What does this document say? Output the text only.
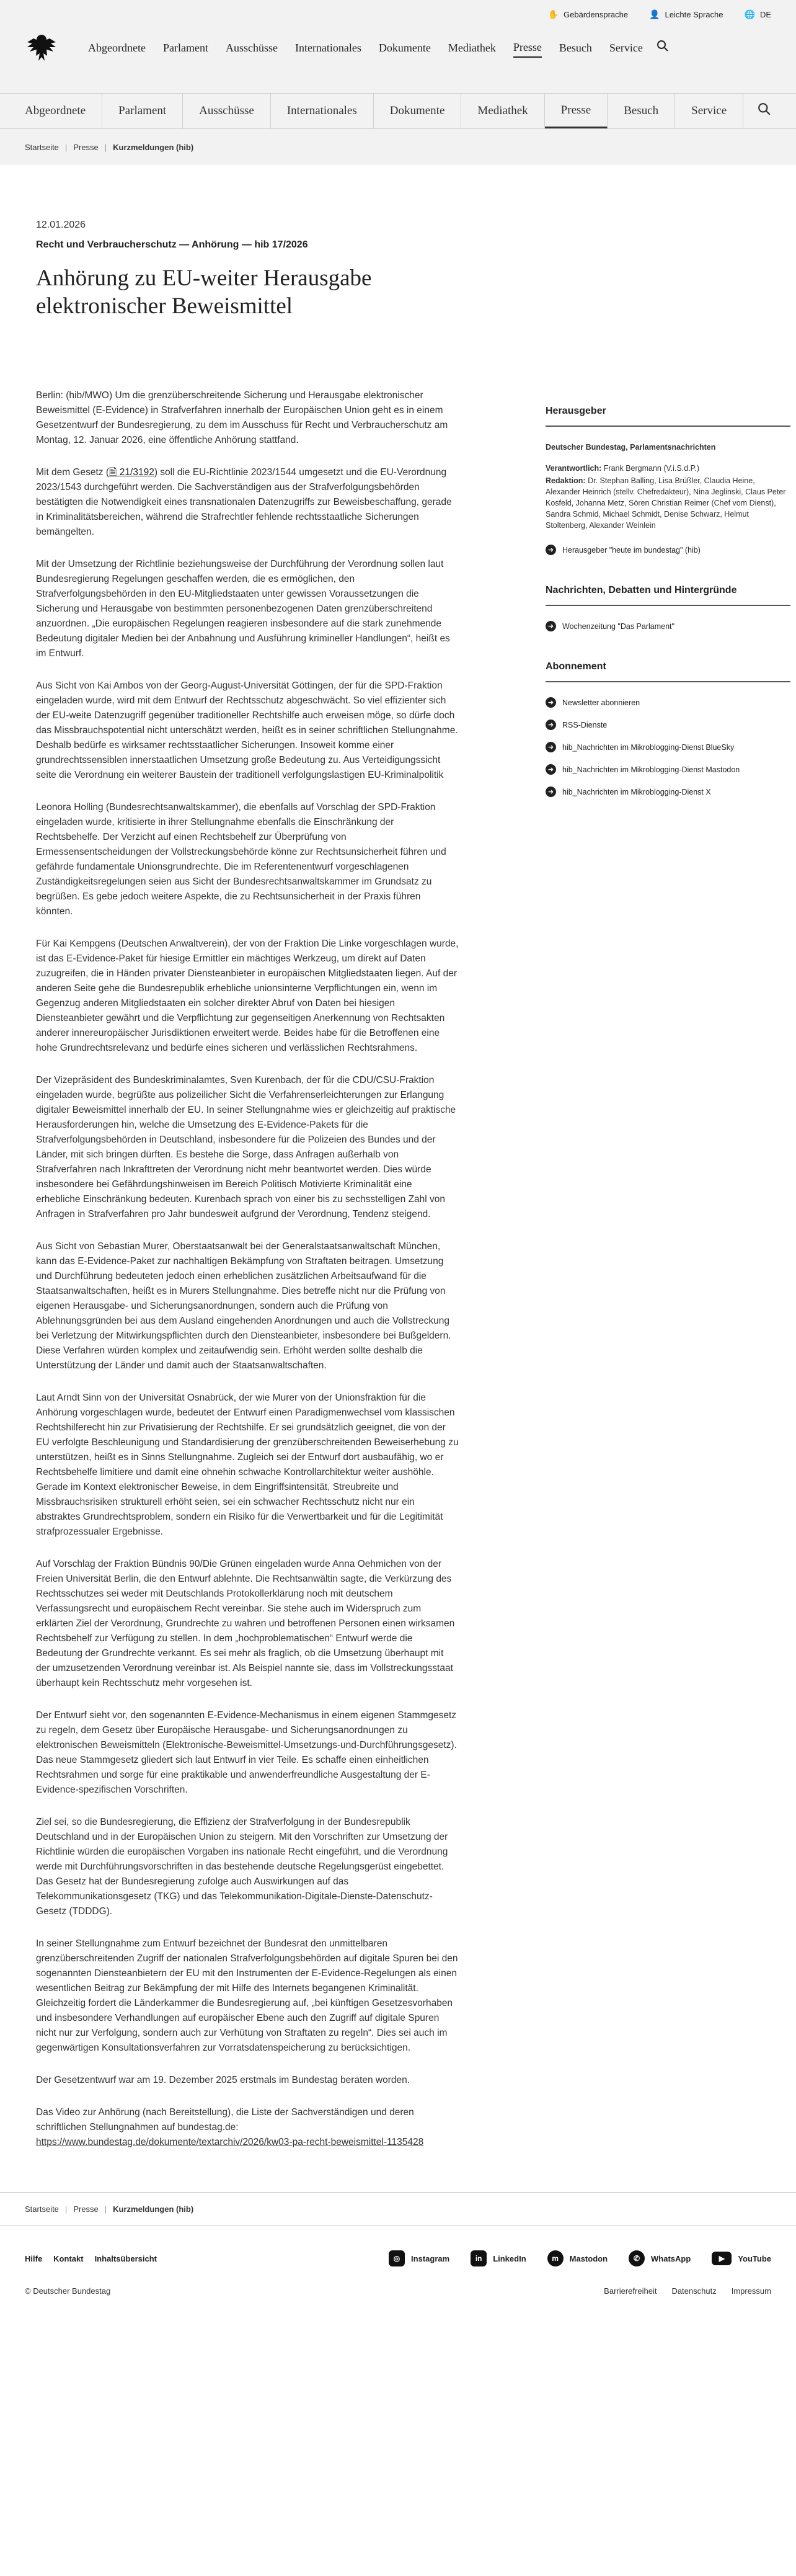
✋ Gebärdensprache 👤 Leichte Sprache 🌐 DE
Abgeordnete Parlament Ausschüsse Internationales Dokumente Mediathek Presse Besuch Service
Abgeordnete	Parlament	Ausschüsse	Internationales	Dokumente	Mediathek	Presse	Besuch	Service
Startseite | Presse | Kurzmeldungen (hib)
12.01.2026
Recht und Verbraucherschutz — Anhörung — hib 17/2026
Anhörung zu EU-weiter Herausgabe elektronischer Beweismittel

Berlin: (hib/MWO) Um die grenzüberschreitende Sicherung und Herausgabe elektronischer Beweismittel (E-Evidence) in Strafverfahren innerhalb der Europäischen Union geht es in einem Gesetzentwurf der Bundesregierung, zu dem im Ausschuss für Recht und Verbraucherschutz am Montag, 12. Januar 2026, eine öffentliche Anhörung stattfand.

Mit dem Gesetz (🗎 21/3192) soll die EU-Richtlinie 2023/1544 umgesetzt und die EU-Verordnung 2023/1543 durchgeführt werden. Die Sachverständigen aus der Strafverfolgungsbehörden bestätigten die Notwendigkeit eines transnationalen Datenzugriffs zur Beweisbeschaffung, gerade in Kriminalitätsbereichen, während die Strafrechtler fehlende rechtsstaatliche Sicherungen bemängelten.

Mit der Umsetzung der Richtlinie beziehungsweise der Durchführung der Verordnung sollen laut Bundesregierung Regelungen geschaffen werden, die es ermöglichen, den Strafverfolgungsbehörden in den EU-Mitgliedstaaten unter gewissen Voraussetzungen die Sicherung und Herausgabe von bestimmten personenbezogenen Daten grenzüberschreitend anzuordnen. „Die europäischen Regelungen reagieren insbesondere auf die stark zunehmende Bedeutung digitaler Medien bei der Anbahnung und Ausführung krimineller Handlungen“, heißt es im Entwurf.

Aus Sicht von Kai Ambos von der Georg-August-Universität Göttingen, der für die SPD-Fraktion eingeladen wurde, wird mit dem Entwurf der Rechtsschutz abgeschwächt. So viel effizienter sich der EU-weite Datenzugriff gegenüber traditioneller Rechtshilfe auch erweisen möge, so dürfe doch das Missbrauchspotential nicht unterschätzt werden, heißt es in seiner schriftlichen Stellungnahme. Deshalb bedürfe es wirksamer rechtsstaatlicher Sicherungen. Insoweit komme einer grundrechtssensiblen innerstaatlichen Umsetzung große Bedeutung zu. Aus Verteidigungssicht seite die Verordnung ein weiterer Baustein der traditionell verfolgungslastigen EU-Kriminalpolitik

Leonora Holling (Bundesrechtsanwaltskammer), die ebenfalls auf Vorschlag der SPD-Fraktion eingeladen wurde, kritisierte in ihrer Stellungnahme ebenfalls die Einschränkung der Rechtsbehelfe. Der Verzicht auf einen Rechtsbehelf zur Überprüfung von Ermessensentscheidungen der Vollstreckungsbehörde könne zur Rechtsunsicherheit führen und gefährde fundamentale Unionsgrundrechte. Die im Referentenentwurf vorgeschlagenen Zuständigkeitsregelungen seien aus Sicht der Bundesrechtsanwaltskammer im Grundsatz zu begrüßen. Es gebe jedoch weitere Aspekte, die zu Rechtsunsicherheit in der Praxis führen könnten.

Für Kai Kempgens (Deutschen Anwaltverein), der von der Fraktion Die Linke vorgeschlagen wurde, ist das E-Evidence-Paket für hiesige Ermittler ein mächtiges Werkzeug, um direkt auf Daten zuzugreifen, die in Händen privater Diensteanbieter in europäischen Mitgliedstaaten liegen. Auf der anderen Seite gehe die Bundesrepublik erhebliche unionsinterne Verpflichtungen ein, wenn im Gegenzug anderen Mitgliedstaaten ein solcher direkter Abruf von Daten bei hiesigen Diensteanbieter gewährt und die Verpflichtung zur gegenseitigen Anerkennung von Rechtsakten anderer innereuropäischer Jurisdiktionen erweitert werde. Beides habe für die Betroffenen eine hohe Grundrechtsrelevanz und bedürfe eines sicheren und verlässlichen Rechtsrahmens.

Der Vizepräsident des Bundeskriminalamtes, Sven Kurenbach, der für die CDU/CSU-Fraktion eingeladen wurde, begrüßte aus polizeilicher Sicht die Verfahrenserleichterungen zur Erlangung digitaler Beweismittel innerhalb der EU. In seiner Stellungnahme wies er gleichzeitig auf praktische Herausforderungen hin, welche die Umsetzung des E-Evidence-Pakets für die Strafverfolgungsbehörden in Deutschland, insbesondere für die Polizeien des Bundes und der Länder, mit sich bringen dürften. Es bestehe die Sorge, dass Anfragen außerhalb von Strafverfahren nach Inkrafttreten der Verordnung nicht mehr beantwortet werden. Dies würde insbesondere bei Gefährdungshinweisen im Bereich Politisch Motivierte Kriminalität eine erhebliche Einschränkung bedeuten. Kurenbach sprach von einer bis zu sechsstelligen Zahl von Anfragen in Strafverfahren pro Jahr bundesweit aufgrund der Verordnung, Tendenz steigend.

Aus Sicht von Sebastian Murer, Oberstaatsanwalt bei der Generalstaatsanwaltschaft München, kann das E-Evidence-Paket zur nachhaltigen Bekämpfung von Straftaten beitragen. Umsetzung und Durchführung bedeuteten jedoch einen erheblichen zusätzlichen Arbeitsaufwand für die Staatsanwaltschaften, heißt es in Murers Stellungnahme. Dies betreffe nicht nur die Prüfung von eigenen Herausgabe- und Sicherungsanordnungen, sondern auch die Prüfung von Ablehnungsgründen bei aus dem Ausland eingehenden Anordnungen und auch die Vollstreckung bei Verletzung der Mitwirkungspflichten durch den Diensteanbieter, insbesondere bei Bußgeldern. Diese Verfahren würden komplex und zeitaufwendig sein. Erhöht werden sollte deshalb die Unterstützung der Länder und damit auch der Staatsanwaltschaften.

Laut Arndt Sinn von der Universität Osnabrück, der wie Murer von der Unionsfraktion für die Anhörung vorgeschlagen wurde, bedeutet der Entwurf einen Paradigmenwechsel vom klassischen Rechtshilferecht hin zur Privatisierung der Rechtshilfe. Er sei grundsätzlich geeignet, die von der EU verfolgte Beschleunigung und Standardisierung der grenzüberschreitenden Beweiserhebung zu unterstützen, heißt es in Sinns Stellungnahme. Zugleich sei der Entwurf dort ausbaufähig, wo er Rechtsbehelfe limitiere und damit eine ohnehin schwache Kontrollarchitektur weiter aushöhle. Gerade im Kontext elektronischer Beweise, in dem Eingriffsintensität, Streubreite und Missbrauchsrisiken strukturell erhöht seien, sei ein schwacher Rechtsschutz nicht nur ein abstraktes Grundrechtsproblem, sondern ein Risiko für die Verwertbarkeit und für die Legitimität strafprozessualer Ergebnisse.

Auf Vorschlag der Fraktion Bündnis 90/Die Grünen eingeladen wurde Anna Oehmichen von der Freien Universität Berlin, die den Entwurf ablehnte. Die Rechtsanwältin sagte, die Verkürzung des Rechtsschutzes sei weder mit Deutschlands Protokollerklärung noch mit deutschem Verfassungsrecht und europäischem Recht vereinbar. Sie stehe auch im Widerspruch zum erklärten Ziel der Verordnung, Grundrechte zu wahren und betroffenen Personen einen wirksamen Rechtsbehelf zur Verfügung zu stellen. In dem „hochproblematischen“ Entwurf werde die Bedeutung der Grundrechte verkannt. Es sei mehr als fraglich, ob die Umsetzung überhaupt mit der umzusetzenden Verordnung vereinbar ist. Als Beispiel nannte sie, dass im Vollstreckungsstaat überhaupt kein Rechtsschutz mehr vorgesehen ist.

Der Entwurf sieht vor, den sogenannten E-Evidence-Mechanismus in einem eigenen Stammgesetz zu regeln, dem Gesetz über Europäische Herausgabe- und Sicherungsanordnungen zu elektronischen Beweismitteln (Elektronische-Beweismittel-Umsetzungs-und-Durchführungsgesetz). Das neue Stammgesetz gliedert sich laut Entwurf in vier Teile. Es schaffe einen einheitlichen Rechtsrahmen und sorge für eine praktikable und anwenderfreundliche Ausgestaltung der E-Evidence-spezifischen Vorschriften.

Ziel sei, so die Bundesregierung, die Effizienz der Strafverfolgung in der Bundesrepublik Deutschland und in der Europäischen Union zu steigern. Mit den Vorschriften zur Umsetzung der Richtlinie würden die europäischen Vorgaben ins nationale Recht eingeführt, und die Verordnung werde mit Durchführungsvorschriften in das bestehende deutsche Regelungsgerüst eingebettet. Das Gesetz hat der Bundesregierung zufolge auch Auswirkungen auf das Telekommunikationsgesetz (TKG) und das Telekommunikation-Digitale-Dienste-Datenschutz-Gesetz (TDDDG).

In seiner Stellungnahme zum Entwurf bezeichnet der Bundesrat den unmittelbaren grenzüberschreitenden Zugriff der nationalen Strafverfolgungsbehörden auf digitale Spuren bei den sogenannten Diensteanbietern der EU mit den Instrumenten der E-Evidence-Regelungen als einen wesentlichen Beitrag zur Bekämpfung der mit Hilfe des Internets begangenen Kriminalität. Gleichzeitig fordert die Länderkammer die Bundesregierung auf, „bei künftigen Gesetzesvorhaben und insbesondere Verhandlungen auf europäischer Ebene auch den Zugriff auf digitale Spuren nicht nur zur Verfolgung, sondern auch zur Verhütung von Straftaten zu regeln“. Dies sei auch im gegenwärtigen Konsultationsverfahren zur Vorratsdatenspeicherung zu berücksichtigen.

Der Gesetzentwurf war am 19. Dezember 2025 erstmals im Bundestag beraten worden.

Das Video zur Anhörung (nach Bereitstellung), die Liste der Sachverständigen und deren schriftlichen Stellungnahmen auf bundestag.de:
https://www.bundestag.de/dokumente/textarchiv/2026/kw03-pa-recht-beweismittel-1135428

Herausgeber
Deutscher Bundestag, Parlamentsnachrichten
Verantwortlich: Frank Bergmann (V.i.S.d.P.)
Redaktion: Dr. Stephan Balling, Lisa Brüßler, Claudia Heine, Alexander Heinrich (stellv. Chefredakteur), Nina Jeglinski, Claus Peter Kosfeld, Johanna Metz, Sören Christian Reimer (Chef vom Dienst), Sandra Schmid, Michael Schmidt, Denise Schwarz, Helmut Stoltenberg, Alexander Weinlein
➜	Herausgeber "heute im bundestag" (hib)
Nachrichten, Debatten und Hintergründe
➜	Wochenzeitung "Das Parlament"
Abonnement
➜	Newsletter abonnieren
➜	RSS-Dienste
➜	hib_Nachrichten im Mikroblogging-Dienst BlueSky
➜	hib_Nachrichten im Mikroblogging-Dienst Mastodon
➜	hib_Nachrichten im Mikroblogging-Dienst X
Startseite | Presse | Kurzmeldungen (hib)
Hilfe Kontakt Inhaltsübersicht	◎	Instagram	in	LinkedIn	m	Mastodon	✆	WhatsApp	▶	YouTube
© Deutscher Bundestag	Barrierefreiheit Datenschutz Impressum
